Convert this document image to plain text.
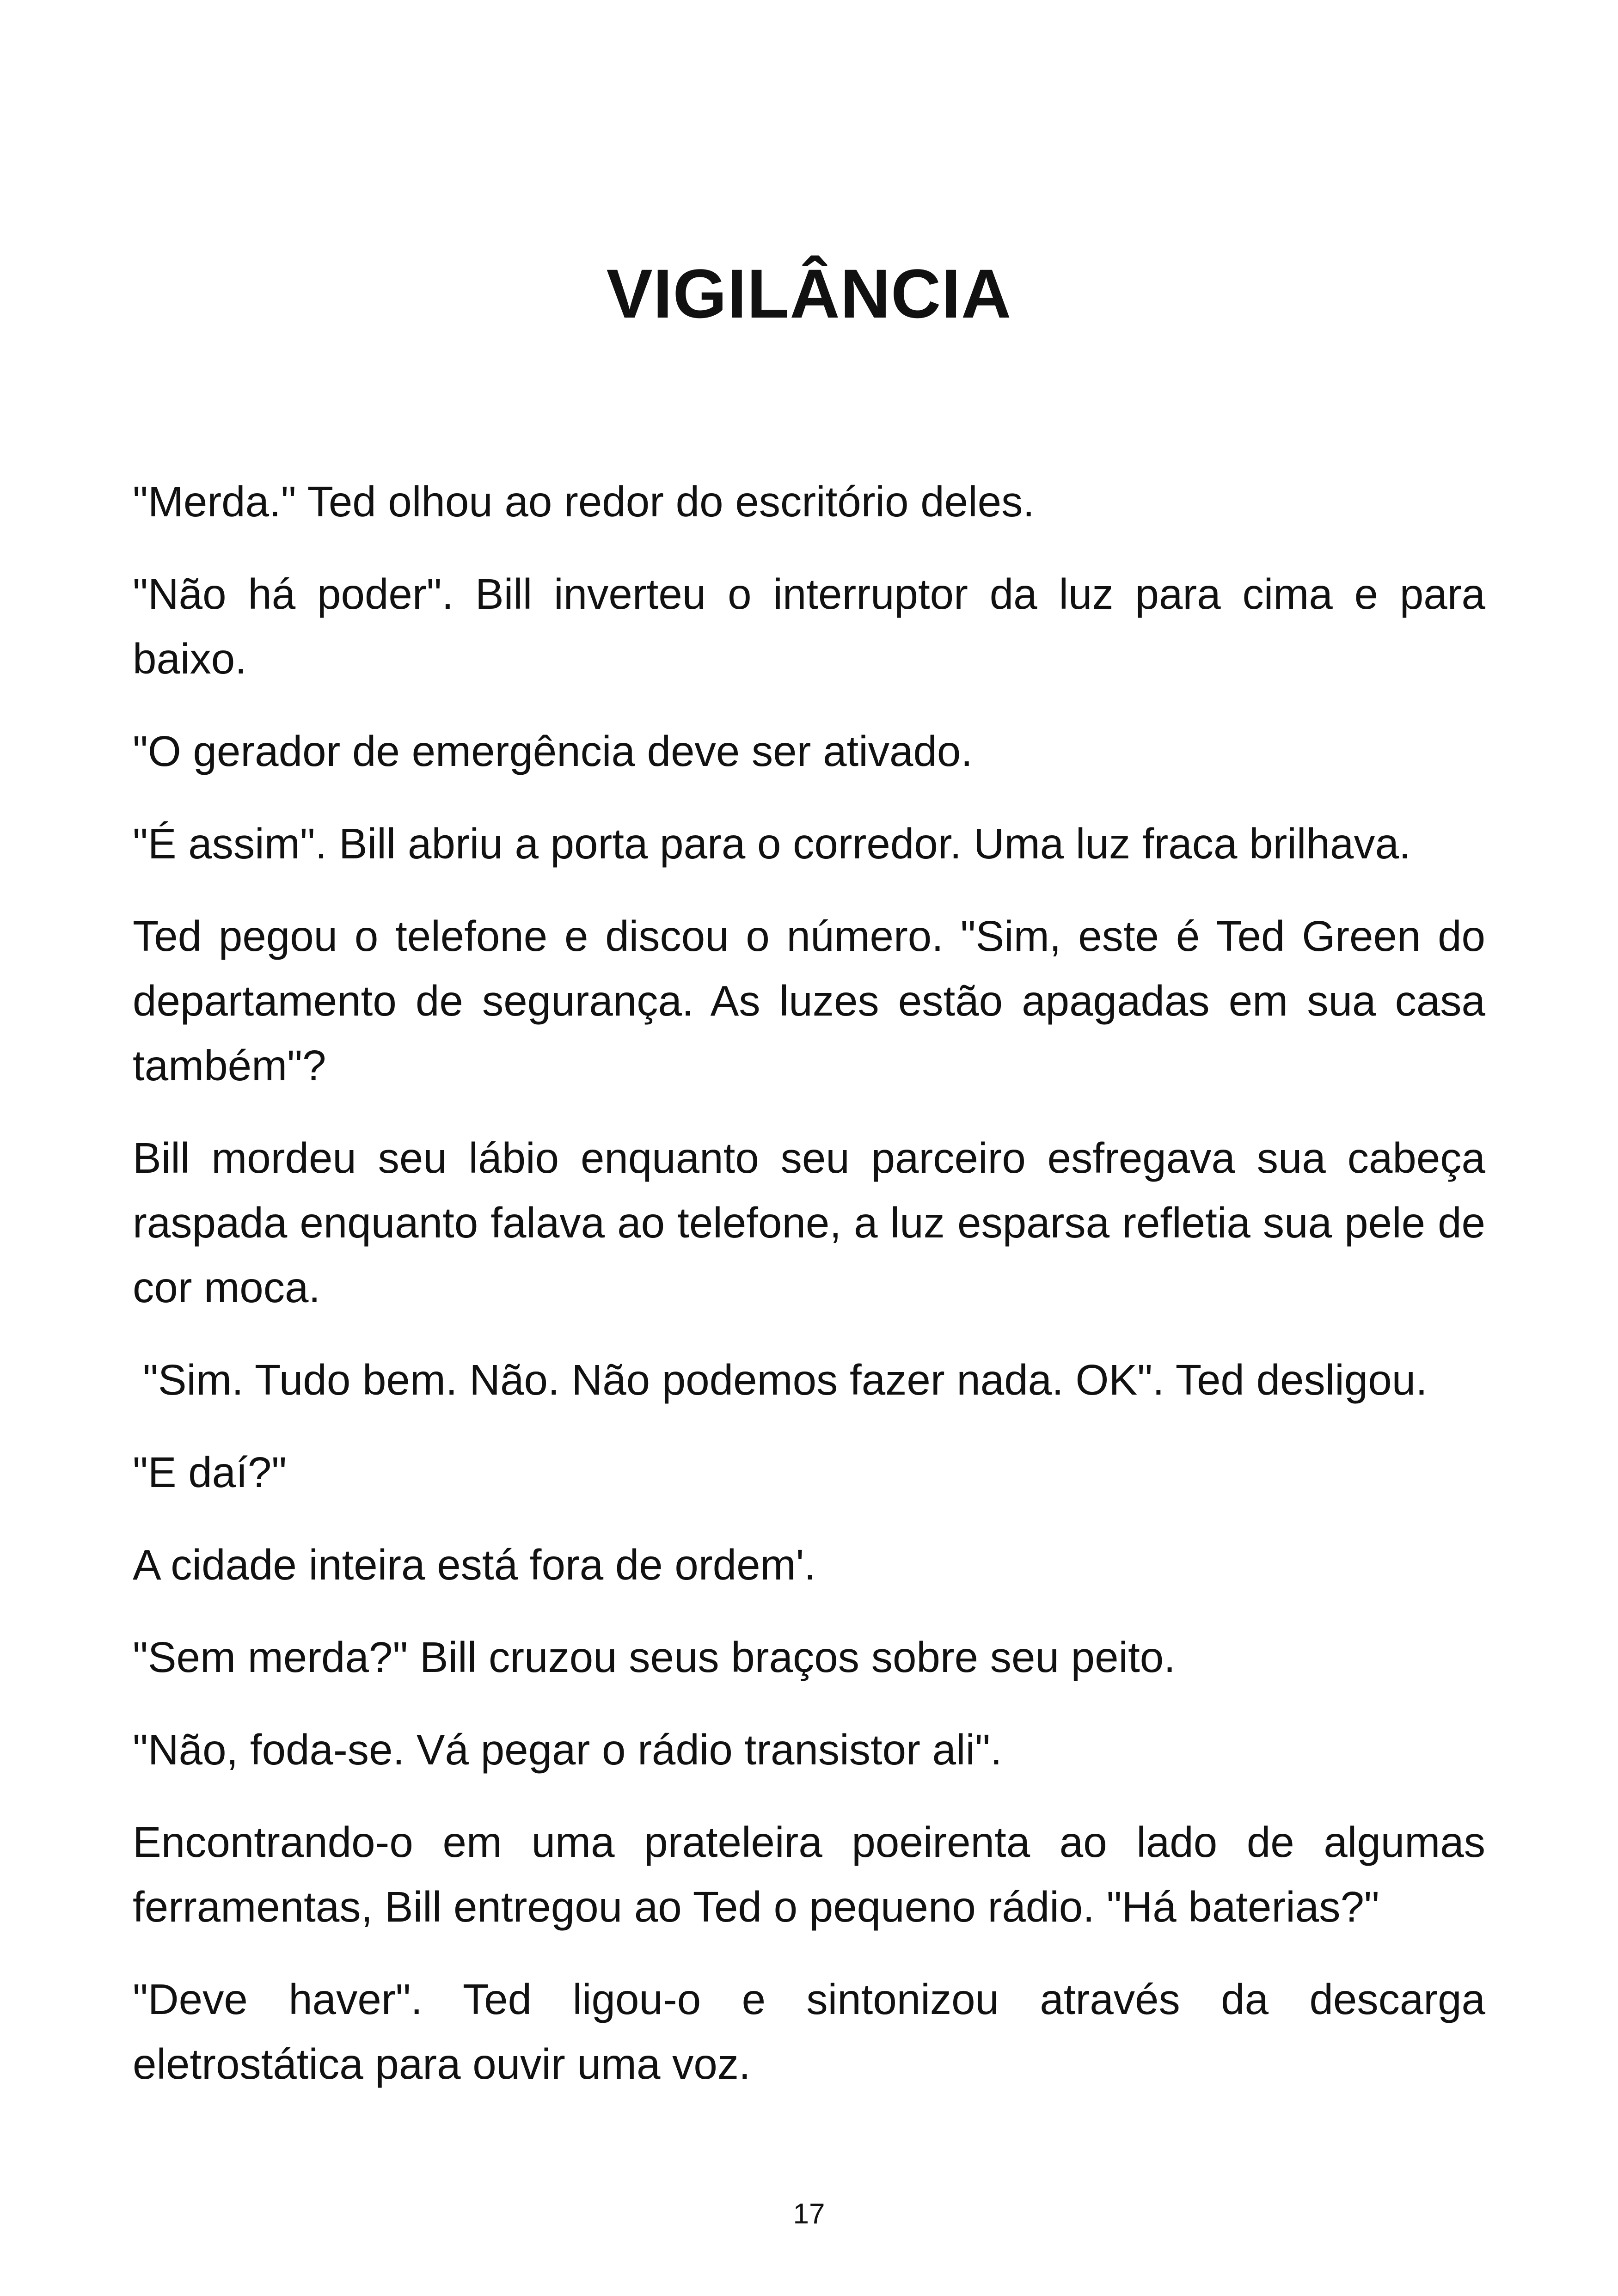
VIGILÂNCIA

"Merda." Ted olhou ao redor do escritório deles.

"Não há poder". Bill inverteu o interruptor da luz para cima e para baixo.

"O gerador de emergência deve ser ativado.

"É assim". Bill abriu a porta para o corredor. Uma luz fraca brilhava.

Ted pegou o telefone e discou o número. "Sim, este é Ted Green do departamento de segurança. As luzes estão apagadas em sua casa também"?

Bill mordeu seu lábio enquanto seu parceiro esfregava sua cabeça raspada enquanto falava ao telefone, a luz esparsa refletia sua pele de cor moca.

"Sim. Tudo bem. Não. Não podemos fazer nada. OK". Ted desligou.

"E daí?"

A cidade inteira está fora de ordem'.

"Sem merda?" Bill cruzou seus braços sobre seu peito.

"Não, foda-se. Vá pegar o rádio transistor ali".

Encontrando-o em uma prateleira poeirenta ao lado de algumas ferramentas, Bill entregou ao Ted o pequeno rádio. "Há baterias?"

"Deve haver". Ted ligou-o e sintonizou através da descarga eletrostática para ouvir uma voz.

17
